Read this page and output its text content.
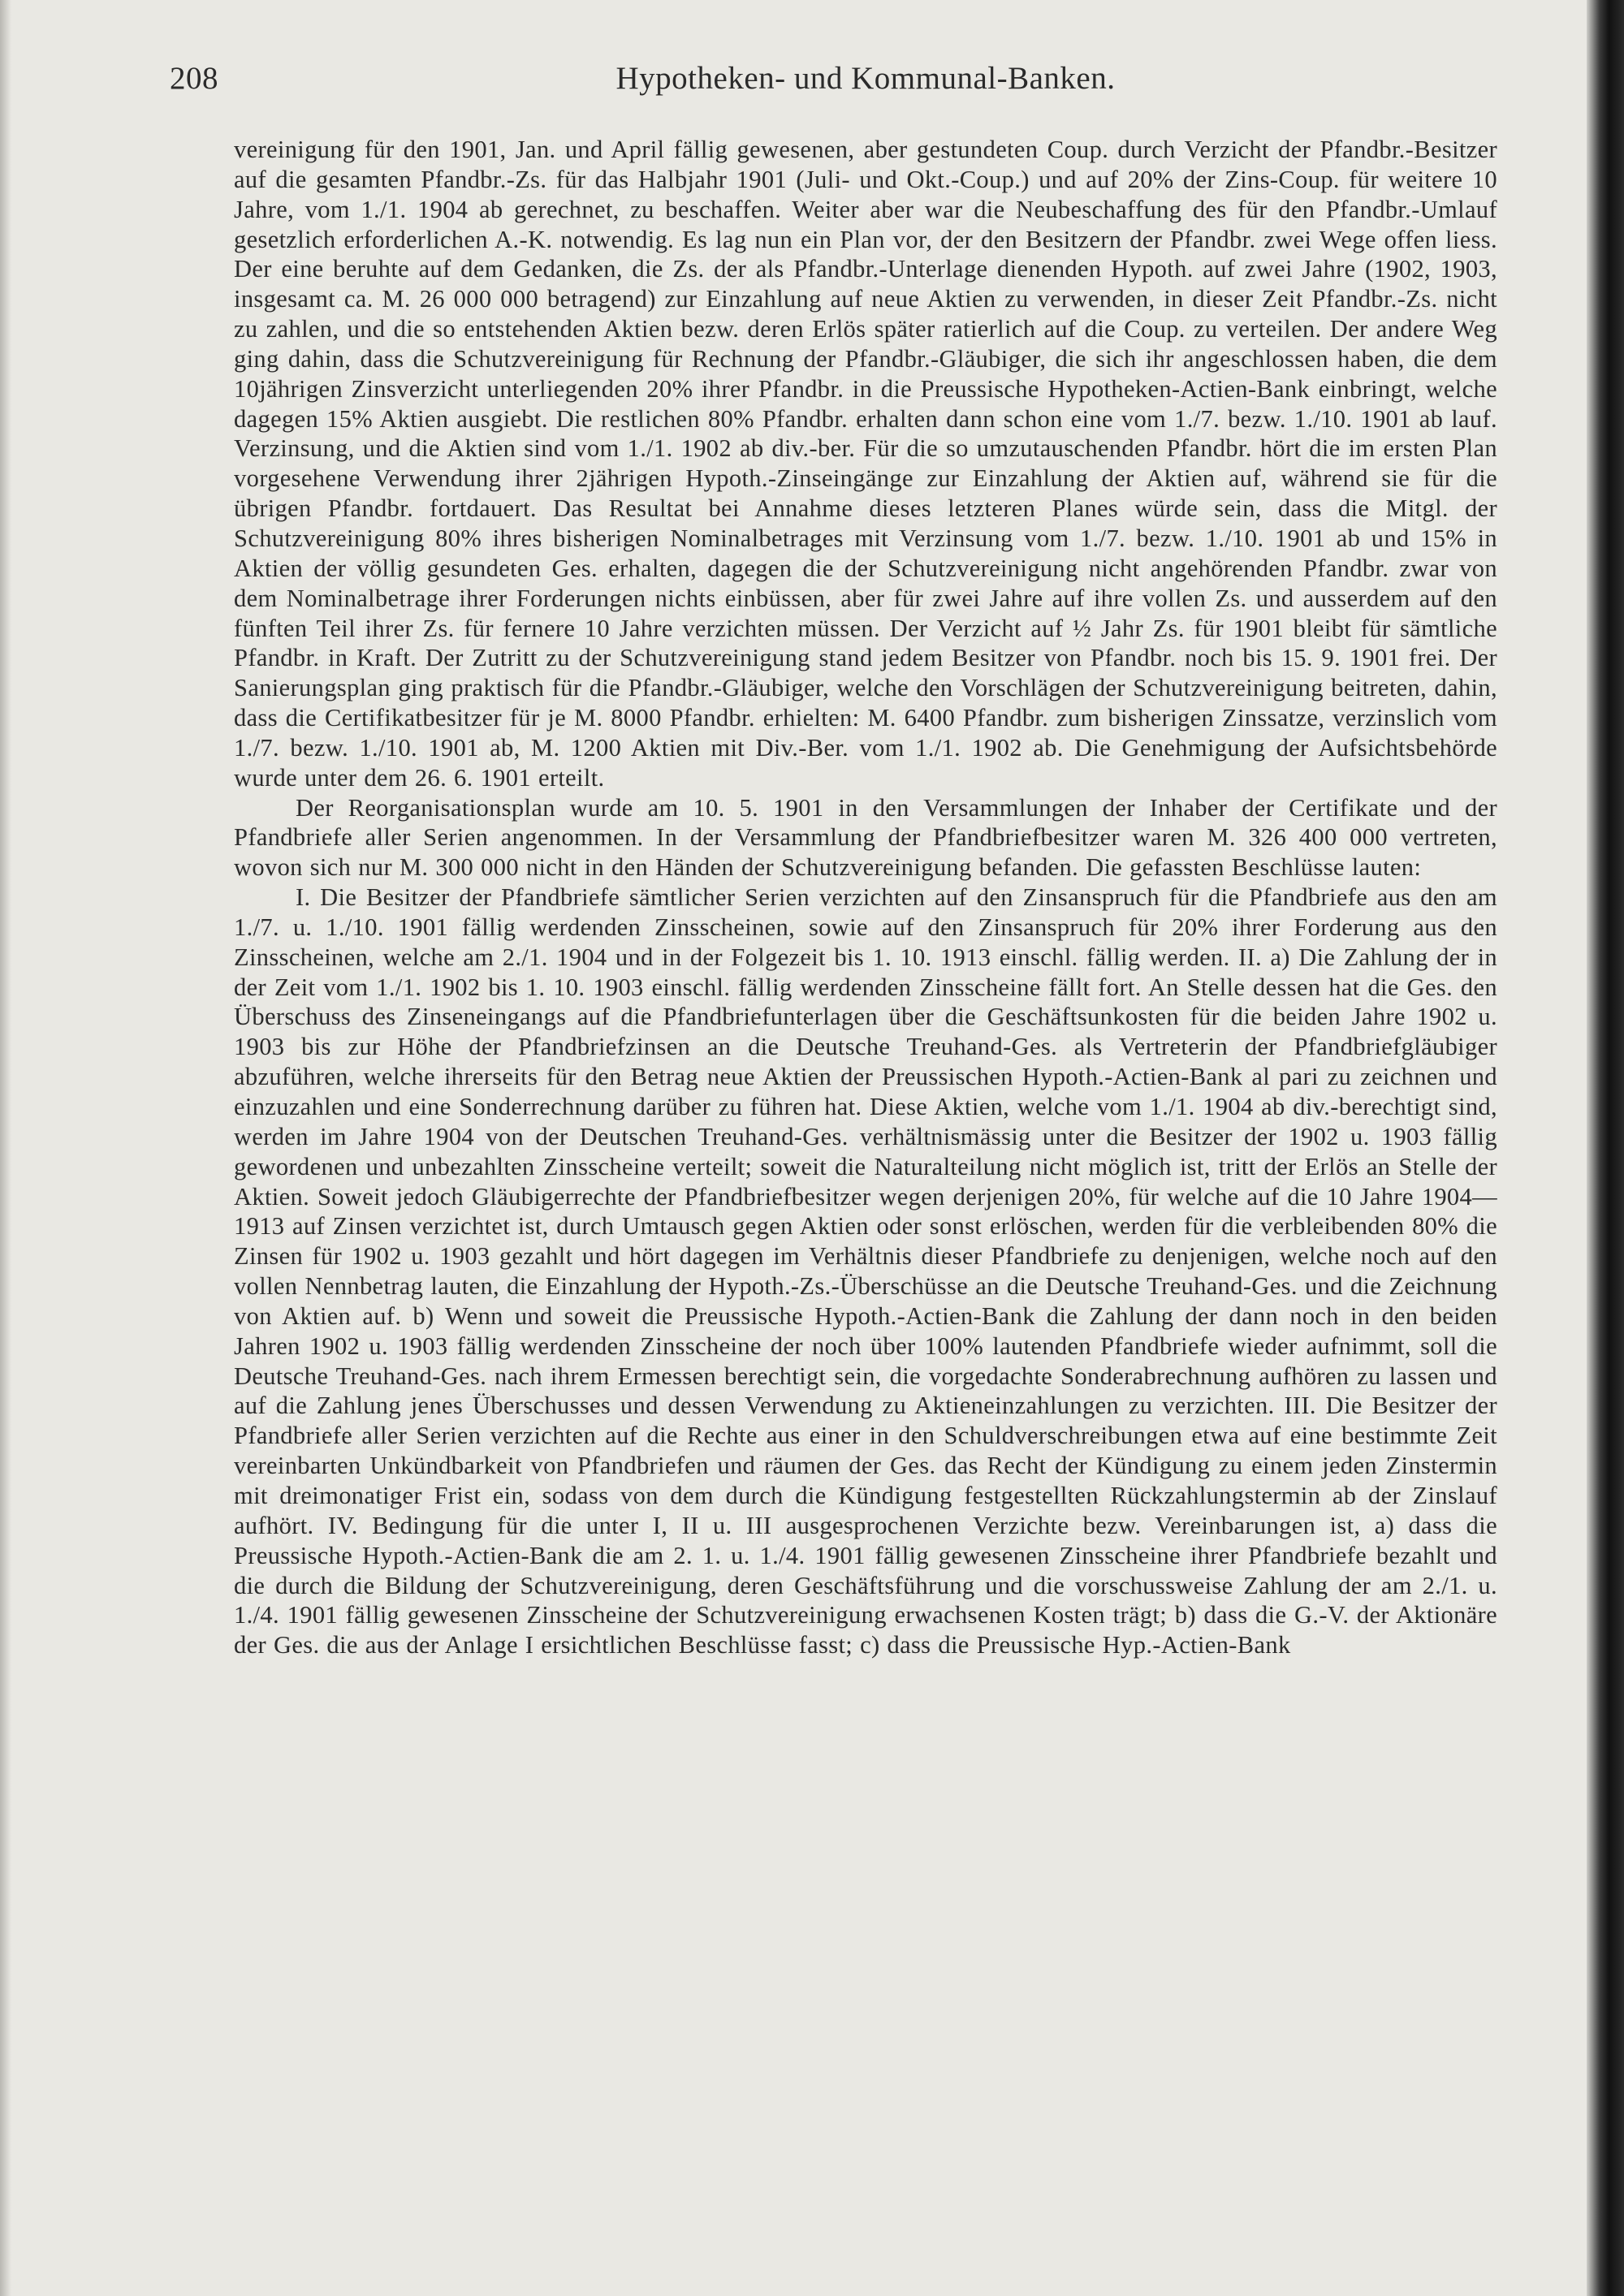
208	Hypotheken- und Kommunal-Banken.

vereinigung für den 1901, Jan. und April fällig gewesenen, aber gestundeten Coup. durch Verzicht der Pfandbr.-Besitzer auf die gesamten Pfandbr.-Zs. für das Halbjahr 1901 (Juli- und Okt.-Coup.) und auf 20% der Zins-Coup. für weitere 10 Jahre, vom 1./1. 1904 ab gerechnet, zu beschaffen. Weiter aber war die Neubeschaffung des für den Pfandbr.-Umlauf gesetzlich erforderlichen A.-K. notwendig. Es lag nun ein Plan vor, der den Besitzern der Pfandbr. zwei Wege offen liess. Der eine beruhte auf dem Gedanken, die Zs. der als Pfandbr.-Unterlage dienenden Hypoth. auf zwei Jahre (1902, 1903, insgesamt ca. M. 26 000 000 betragend) zur Einzahlung auf neue Aktien zu verwenden, in dieser Zeit Pfandbr.-Zs. nicht zu zahlen, und die so entstehenden Aktien bezw. deren Erlös später ratierlich auf die Coup. zu verteilen. Der andere Weg ging dahin, dass die Schutzvereinigung für Rechnung der Pfandbr.-Gläubiger, die sich ihr angeschlossen haben, die dem 10jährigen Zinsverzicht unterliegenden 20% ihrer Pfandbr. in die Preussische Hypotheken-Actien-Bank einbringt, welche dagegen 15% Aktien ausgiebt. Die restlichen 80% Pfandbr. erhalten dann schon eine vom 1./7. bezw. 1./10. 1901 ab lauf. Verzinsung, und die Aktien sind vom 1./1. 1902 ab div.-ber. Für die so umzutauschenden Pfandbr. hört die im ersten Plan vorgesehene Verwendung ihrer 2jährigen Hypoth.-Zinseingänge zur Einzahlung der Aktien auf, während sie für die übrigen Pfandbr. fortdauert. Das Resultat bei Annahme dieses letzteren Planes würde sein, dass die Mitgl. der Schutzvereinigung 80% ihres bisherigen Nominalbetrages mit Verzinsung vom 1./7. bezw. 1./10. 1901 ab und 15% in Aktien der völlig gesundeten Ges. erhalten, dagegen die der Schutzvereinigung nicht angehörenden Pfandbr. zwar von dem Nominalbetrage ihrer Forderungen nichts einbüssen, aber für zwei Jahre auf ihre vollen Zs. und ausserdem auf den fünften Teil ihrer Zs. für fernere 10 Jahre verzichten müssen. Der Verzicht auf ½ Jahr Zs. für 1901 bleibt für sämtliche Pfandbr. in Kraft. Der Zutritt zu der Schutzvereinigung stand jedem Besitzer von Pfandbr. noch bis 15. 9. 1901 frei. Der Sanierungsplan ging praktisch für die Pfandbr.-Gläubiger, welche den Vorschlägen der Schutzvereinigung beitreten, dahin, dass die Certifikatbesitzer für je M. 8000 Pfandbr. erhielten: M. 6400 Pfandbr. zum bisherigen Zinssatze, verzinslich vom 1./7. bezw. 1./10. 1901 ab, M. 1200 Aktien mit Div.-Ber. vom 1./1. 1902 ab. Die Genehmigung der Aufsichtsbehörde wurde unter dem 26. 6. 1901 erteilt.

Der Reorganisationsplan wurde am 10. 5. 1901 in den Versammlungen der Inhaber der Certifikate und der Pfandbriefe aller Serien angenommen. In der Versammlung der Pfandbriefbesitzer waren M. 326 400 000 vertreten, wovon sich nur M. 300 000 nicht in den Händen der Schutzvereinigung befanden. Die gefassten Beschlüsse lauten:

I. Die Besitzer der Pfandbriefe sämtlicher Serien verzichten auf den Zinsanspruch für die Pfandbriefe aus den am 1./7. u. 1./10. 1901 fällig werdenden Zinsscheinen, sowie auf den Zinsanspruch für 20% ihrer Forderung aus den Zinsscheinen, welche am 2./1. 1904 und in der Folgezeit bis 1. 10. 1913 einschl. fällig werden. II. a) Die Zahlung der in der Zeit vom 1./1. 1902 bis 1. 10. 1903 einschl. fällig werdenden Zinsscheine fällt fort. An Stelle dessen hat die Ges. den Überschuss des Zinseneingangs auf die Pfandbriefunterlagen über die Geschäftsunkosten für die beiden Jahre 1902 u. 1903 bis zur Höhe der Pfandbriefzinsen an die Deutsche Treuhand-Ges. als Vertreterin der Pfandbriefgläubiger abzuführen, welche ihrerseits für den Betrag neue Aktien der Preussischen Hypoth.-Actien-Bank al pari zu zeichnen und einzuzahlen und eine Sonderrechnung darüber zu führen hat. Diese Aktien, welche vom 1./1. 1904 ab div.-berechtigt sind, werden im Jahre 1904 von der Deutschen Treuhand-Ges. verhältnismässig unter die Besitzer der 1902 u. 1903 fällig gewordenen und unbezahlten Zinsscheine verteilt; soweit die Naturalteilung nicht möglich ist, tritt der Erlös an Stelle der Aktien. Soweit jedoch Gläubigerrechte der Pfandbriefbesitzer wegen derjenigen 20%, für welche auf die 10 Jahre 1904—1913 auf Zinsen verzichtet ist, durch Umtausch gegen Aktien oder sonst erlöschen, werden für die verbleibenden 80% die Zinsen für 1902 u. 1903 gezahlt und hört dagegen im Verhältnis dieser Pfandbriefe zu denjenigen, welche noch auf den vollen Nennbetrag lauten, die Einzahlung der Hypoth.-Zs.-Überschüsse an die Deutsche Treuhand-Ges. und die Zeichnung von Aktien auf. b) Wenn und soweit die Preussische Hypoth.-Actien-Bank die Zahlung der dann noch in den beiden Jahren 1902 u. 1903 fällig werdenden Zinsscheine der noch über 100% lautenden Pfandbriefe wieder aufnimmt, soll die Deutsche Treuhand-Ges. nach ihrem Ermessen berechtigt sein, die vorgedachte Sonderabrechnung aufhören zu lassen und auf die Zahlung jenes Überschusses und dessen Verwendung zu Aktieneinzahlungen zu verzichten. III. Die Besitzer der Pfandbriefe aller Serien verzichten auf die Rechte aus einer in den Schuldverschreibungen etwa auf eine bestimmte Zeit vereinbarten Unkündbarkeit von Pfandbriefen und räumen der Ges. das Recht der Kündigung zu einem jeden Zinstermin mit dreimonatiger Frist ein, sodass von dem durch die Kündigung festgestellten Rückzahlungstermin ab der Zinslauf aufhört. IV. Bedingung für die unter I, II u. III ausgesprochenen Verzichte bezw. Vereinbarungen ist, a) dass die Preussische Hypoth.-Actien-Bank die am 2. 1. u. 1./4. 1901 fällig gewesenen Zinsscheine ihrer Pfandbriefe bezahlt und die durch die Bildung der Schutzvereinigung, deren Geschäftsführung und die vorschussweise Zahlung der am 2./1. u. 1./4. 1901 fällig gewesenen Zinsscheine der Schutzvereinigung erwachsenen Kosten trägt; b) dass die G.-V. der Aktionäre der Ges. die aus der Anlage I ersichtlichen Beschlüsse fasst; c) dass die Preussische Hyp.-Actien-Bank
